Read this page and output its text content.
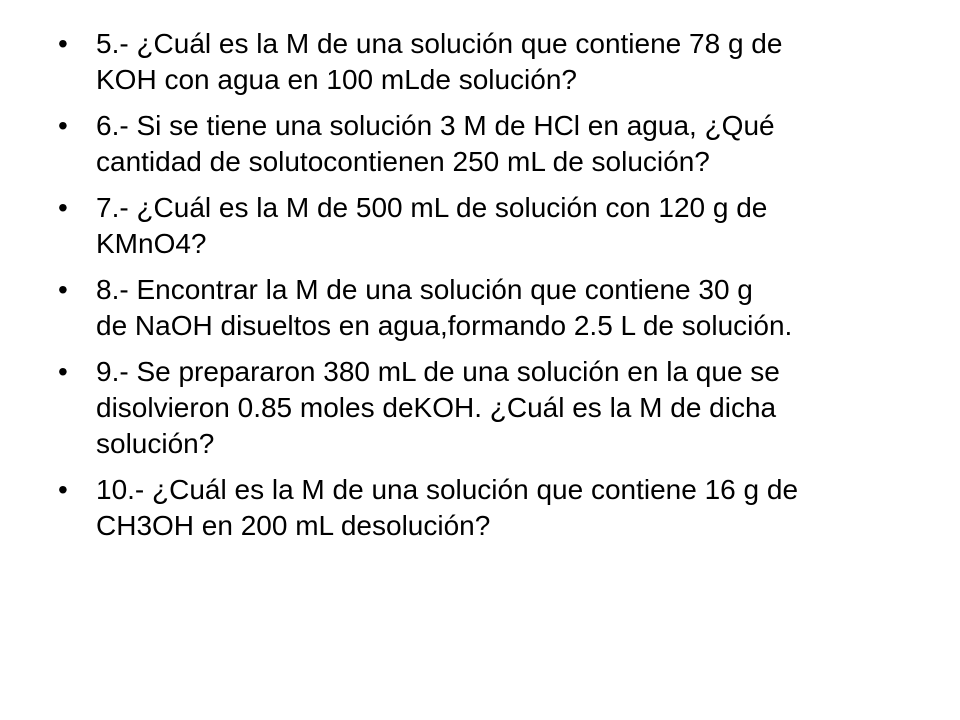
• 5.- ¿Cuál es la M de una solución que contiene 78 g de
KOH con agua en 100 mLde solución?
• 6.- Si se tiene una solución 3 M de HCl en agua, ¿Qué
cantidad de solutocontienen 250 mL de solución?
• 7.- ¿Cuál es la M de 500 mL de solución con 120 g de
KMnO4?
• 8.- Encontrar la M de una solución que contiene 30 g
de NaOH disueltos en agua,formando 2.5 L de solución.
• 9.- Se prepararon 380 mL de una solución en la que se
disolvieron 0.85 moles deKOH. ¿Cuál es la M de dicha
solución?
• 10.- ¿Cuál es la M de una solución que contiene 16 g de
CH3OH en 200 mL desolución?
